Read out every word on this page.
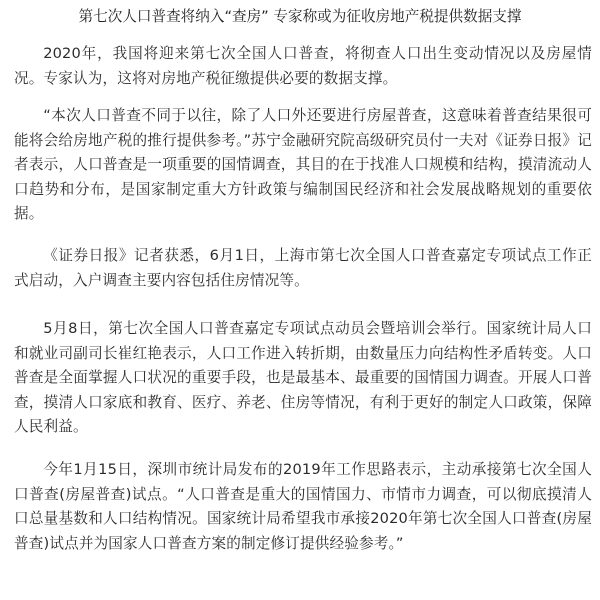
第七次人口普查将纳入“查房” 专家称或为征收房地产税提供数据支撑

2020年，我国将迎来第七次全国人口普查，将彻查人口出生变动情况以及房屋情况。专家认为，这将对房地产税征缴提供必要的数据支撑。

“本次人口普查不同于以往，除了人口外还要进行房屋普查，这意味着普查结果很可能将会给房地产税的推行提供参考。”苏宁金融研究院高级研究员付一夫对《证券日报》记者表示，人口普查是一项重要的国情调查，其目的在于找准人口规模和结构，摸清流动人口趋势和分布，是国家制定重大方针政策与编制国民经济和社会发展战略规划的重要依据。

《证券日报》记者获悉，6月1日，上海市第七次全国人口普查嘉定专项试点工作正式启动，入户调查主要内容包括住房情况等。

5月8日，第七次全国人口普查嘉定专项试点动员会暨培训会举行。国家统计局人口和就业司副司长崔红艳表示，人口工作进入转折期，由数量压力向结构性矛盾转变。人口普查是全面掌握人口状况的重要手段，也是最基本、最重要的国情国力调查。开展人口普查，摸清人口家底和教育、医疗、养老、住房等情况，有利于更好的制定人口政策，保障人民利益。

今年1月15日，深圳市统计局发布的2019年工作思路表示，主动承接第七次全国人口普查(房屋普查)试点。“人口普查是重大的国情国力、市情市力调查，可以彻底摸清人口总量基数和人口结构情况。国家统计局希望我市承接2020年第七次全国人口普查(房屋普查)试点并为国家人口普查方案的制定修订提供经验参考。”
